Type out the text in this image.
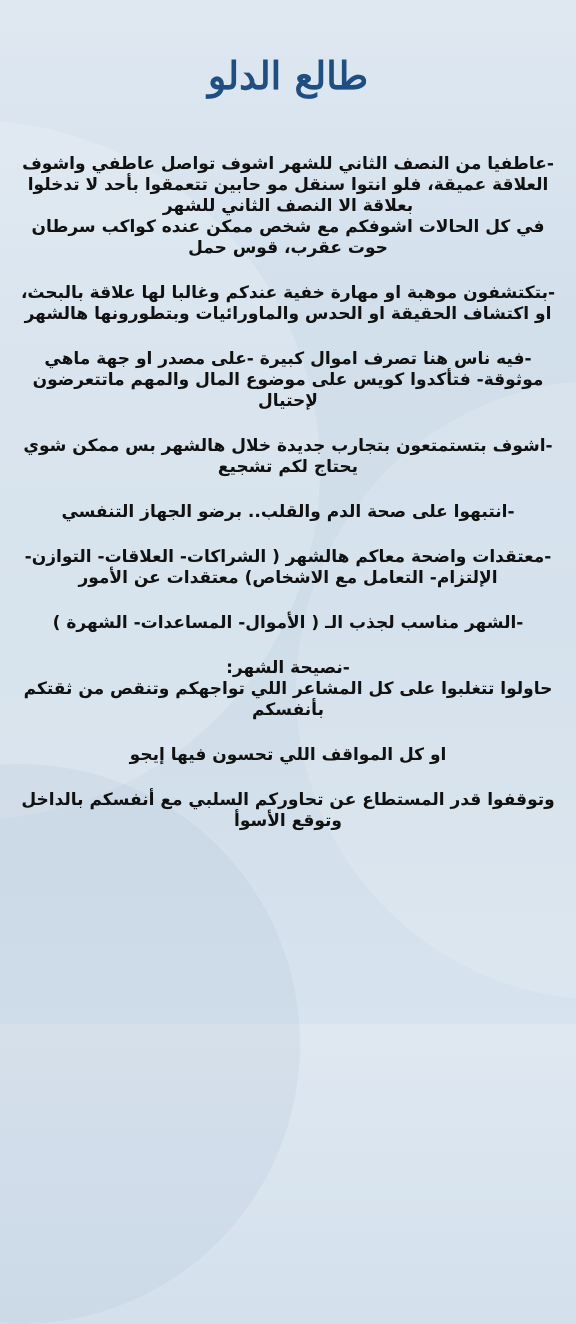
طالع الدلو

-عاطفيا من النصف الثاني للشهر اشوف تواصل عاطفي واشوف العلاقة عميقة، فلو انتوا سنقل مو حابين تتعمقوا بأحد لا تدخلوا بعلاقة الا النصف الثاني للشهر
في كل الحالات اشوفكم مع شخص ممكن عنده كواكب سرطان حوت عقرب، قوس حمل

-بتكتشفون موهبة او مهارة خفية عندكم وغالبا لها علاقة بالبحث، او اكتشاف الحقيقة او الحدس والماورائيات وبتطورونها هالشهر

-فيه ناس هنا تصرف اموال كبيرة -على مصدر او جهة ماهي موثوقة- فتأكدوا كويس على موضوع المال والمهم ماتتعرضون لإحتيال

-اشوف بتستمتعون بتجارب جديدة خلال هالشهر بس ممكن شوي يحتاج لكم تشجيع

-انتبهوا على صحة الدم والقلب.. برضو الجهاز التنفسي

-معتقدات واضحة معاكم هالشهر ( الشراكات- العلاقات- التوازن- الإلتزام- التعامل مع الاشخاص) معتقدات عن الأمور

-الشهر مناسب لجذب الـ ( الأموال- المساعدات- الشهرة )

-نصيحة الشهر:

حاولوا تتغلبوا على كل المشاعر اللي تواجهكم وتنقص من ثقتكم بأنفسكم

او كل المواقف اللي تحسون فيها إيجو

وتوقفوا قدر المستطاع عن تحاوركم السلبي مع أنفسكم بالداخل وتوقع الأسوأ
